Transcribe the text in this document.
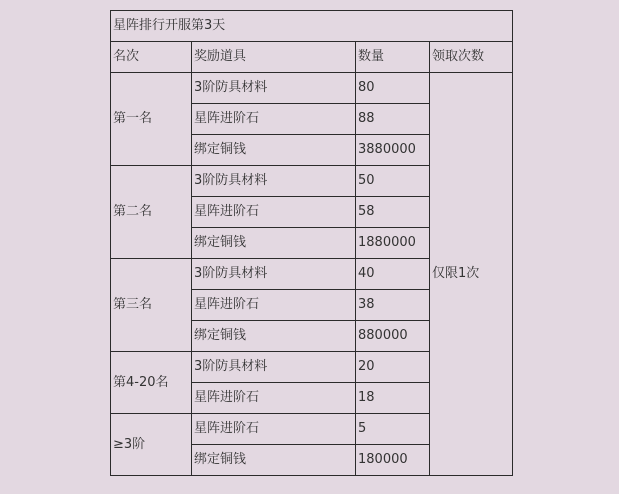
星阵排行开服第3天			
名次	奖励道具	数量	领取次数
第一名	3阶防具材料	80	仅限1次
	星阵进阶石	88	
	绑定铜钱	3880000	
第二名	3阶防具材料	50	
	星阵进阶石	58	
	绑定铜钱	1880000	
第三名	3阶防具材料	40	
	星阵进阶石	38	
	绑定铜钱	880000	
第4-20名	3阶防具材料	20	
	星阵进阶石	18	
≥3阶	星阵进阶石	5	
	绑定铜钱	180000	
